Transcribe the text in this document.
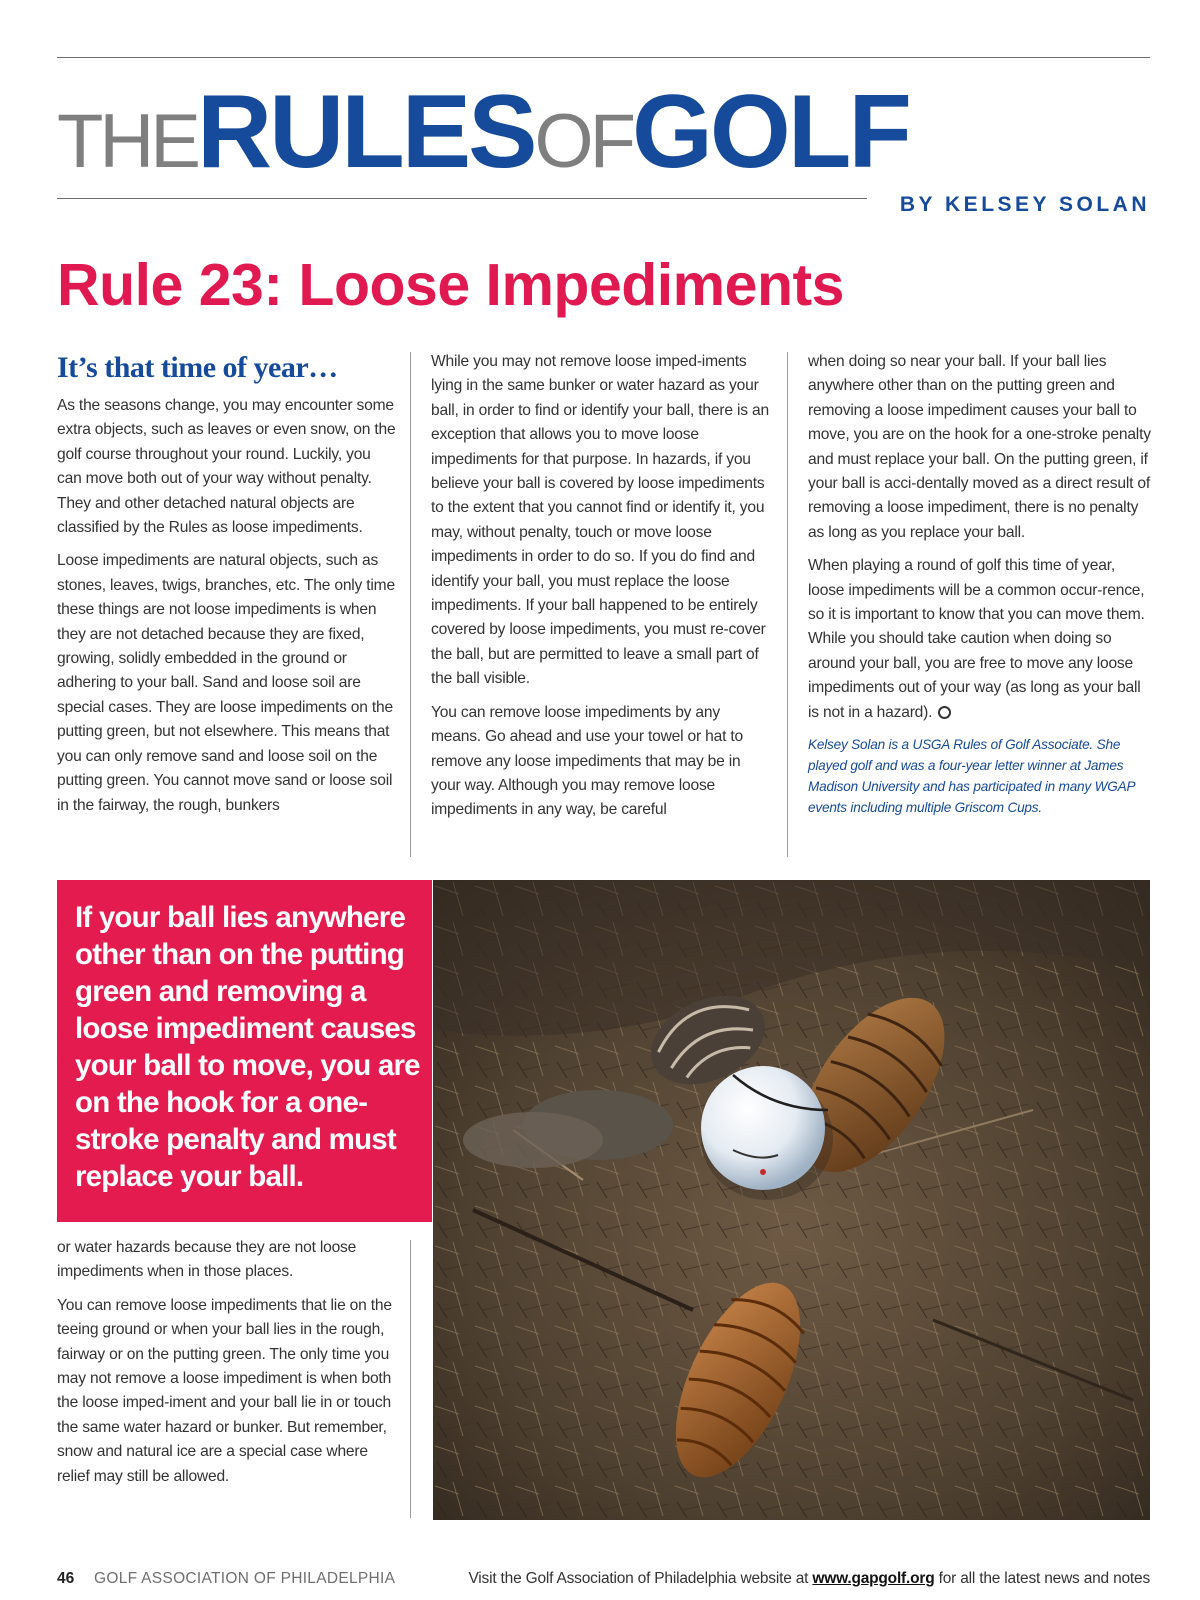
THERULESOFGOLF
BY KELSEY SOLAN
Rule 23: Loose Impediments
It’s that time of year…

As the seasons change, you may encounter some extra objects, such as leaves or even snow, on the golf course throughout your round. Luckily, you can move both out of your way without penalty. They and other detached natural objects are classified by the Rules as loose impediments.

Loose impediments are natural objects, such as stones, leaves, twigs, branches, etc. The only time these things are not loose impediments is when they are not detached because they are fixed, growing, solidly embedded in the ground or adhering to your ball. Sand and loose soil are special cases. They are loose impediments on the putting green, but not elsewhere. This means that you can only remove sand and loose soil on the putting green. You cannot move sand or loose soil in the fairway, the rough, bunkers

While you may not remove loose imped-iments lying in the same bunker or water hazard as your ball, in order to find or identify your ball, there is an exception that allows you to move loose impediments for that purpose. In hazards, if you believe your ball is covered by loose impediments to the extent that you cannot find or identify it, you may, without penalty, touch or move loose impediments in order to do so. If you do find and identify your ball, you must replace the loose impediments. If your ball happened to be entirely covered by loose impediments, you must re-cover the ball, but are permitted to leave a small part of the ball visible.

You can remove loose impediments by any means. Go ahead and use your towel or hat to remove any loose impediments that may be in your way. Although you may remove loose impediments in any way, be careful

when doing so near your ball. If your ball lies anywhere other than on the putting green and removing a loose impediment causes your ball to move, you are on the hook for a one-stroke penalty and must replace your ball. On the putting green, if your ball is acci-dentally moved as a direct result of removing a loose impediment, there is no penalty as long as you replace your ball.

When playing a round of golf this time of year, loose impediments will be a common occur-rence, so it is important to know that you can move them. While you should take caution when doing so around your ball, you are free to move any loose impediments out of your way (as long as your ball is not in a hazard).

Kelsey Solan is a USGA Rules of Golf Associate. She played golf and was a four-year letter winner at James Madison University and has participated in many WGAP events including multiple Griscom Cups.

If your ball lies anywhere other than on the putting green and removing a loose impediment causes your ball to move, you are on the hook for a one-stroke penalty and must replace your ball.

or water hazards because they are not loose impediments when in those places.

You can remove loose impediments that lie on the teeing ground or when your ball lies in the rough, fairway or on the putting green. The only time you may not remove a loose impediment is when both the loose imped-iment and your ball lie in or touch the same water hazard or bunker. But remember, snow and natural ice are a special case where relief may still be allowed.

46 GOLF ASSOCIATION OF PHILADELPHIA	Visit the Golf Association of Philadelphia website at www.gapgolf.org for all the latest news and notes
